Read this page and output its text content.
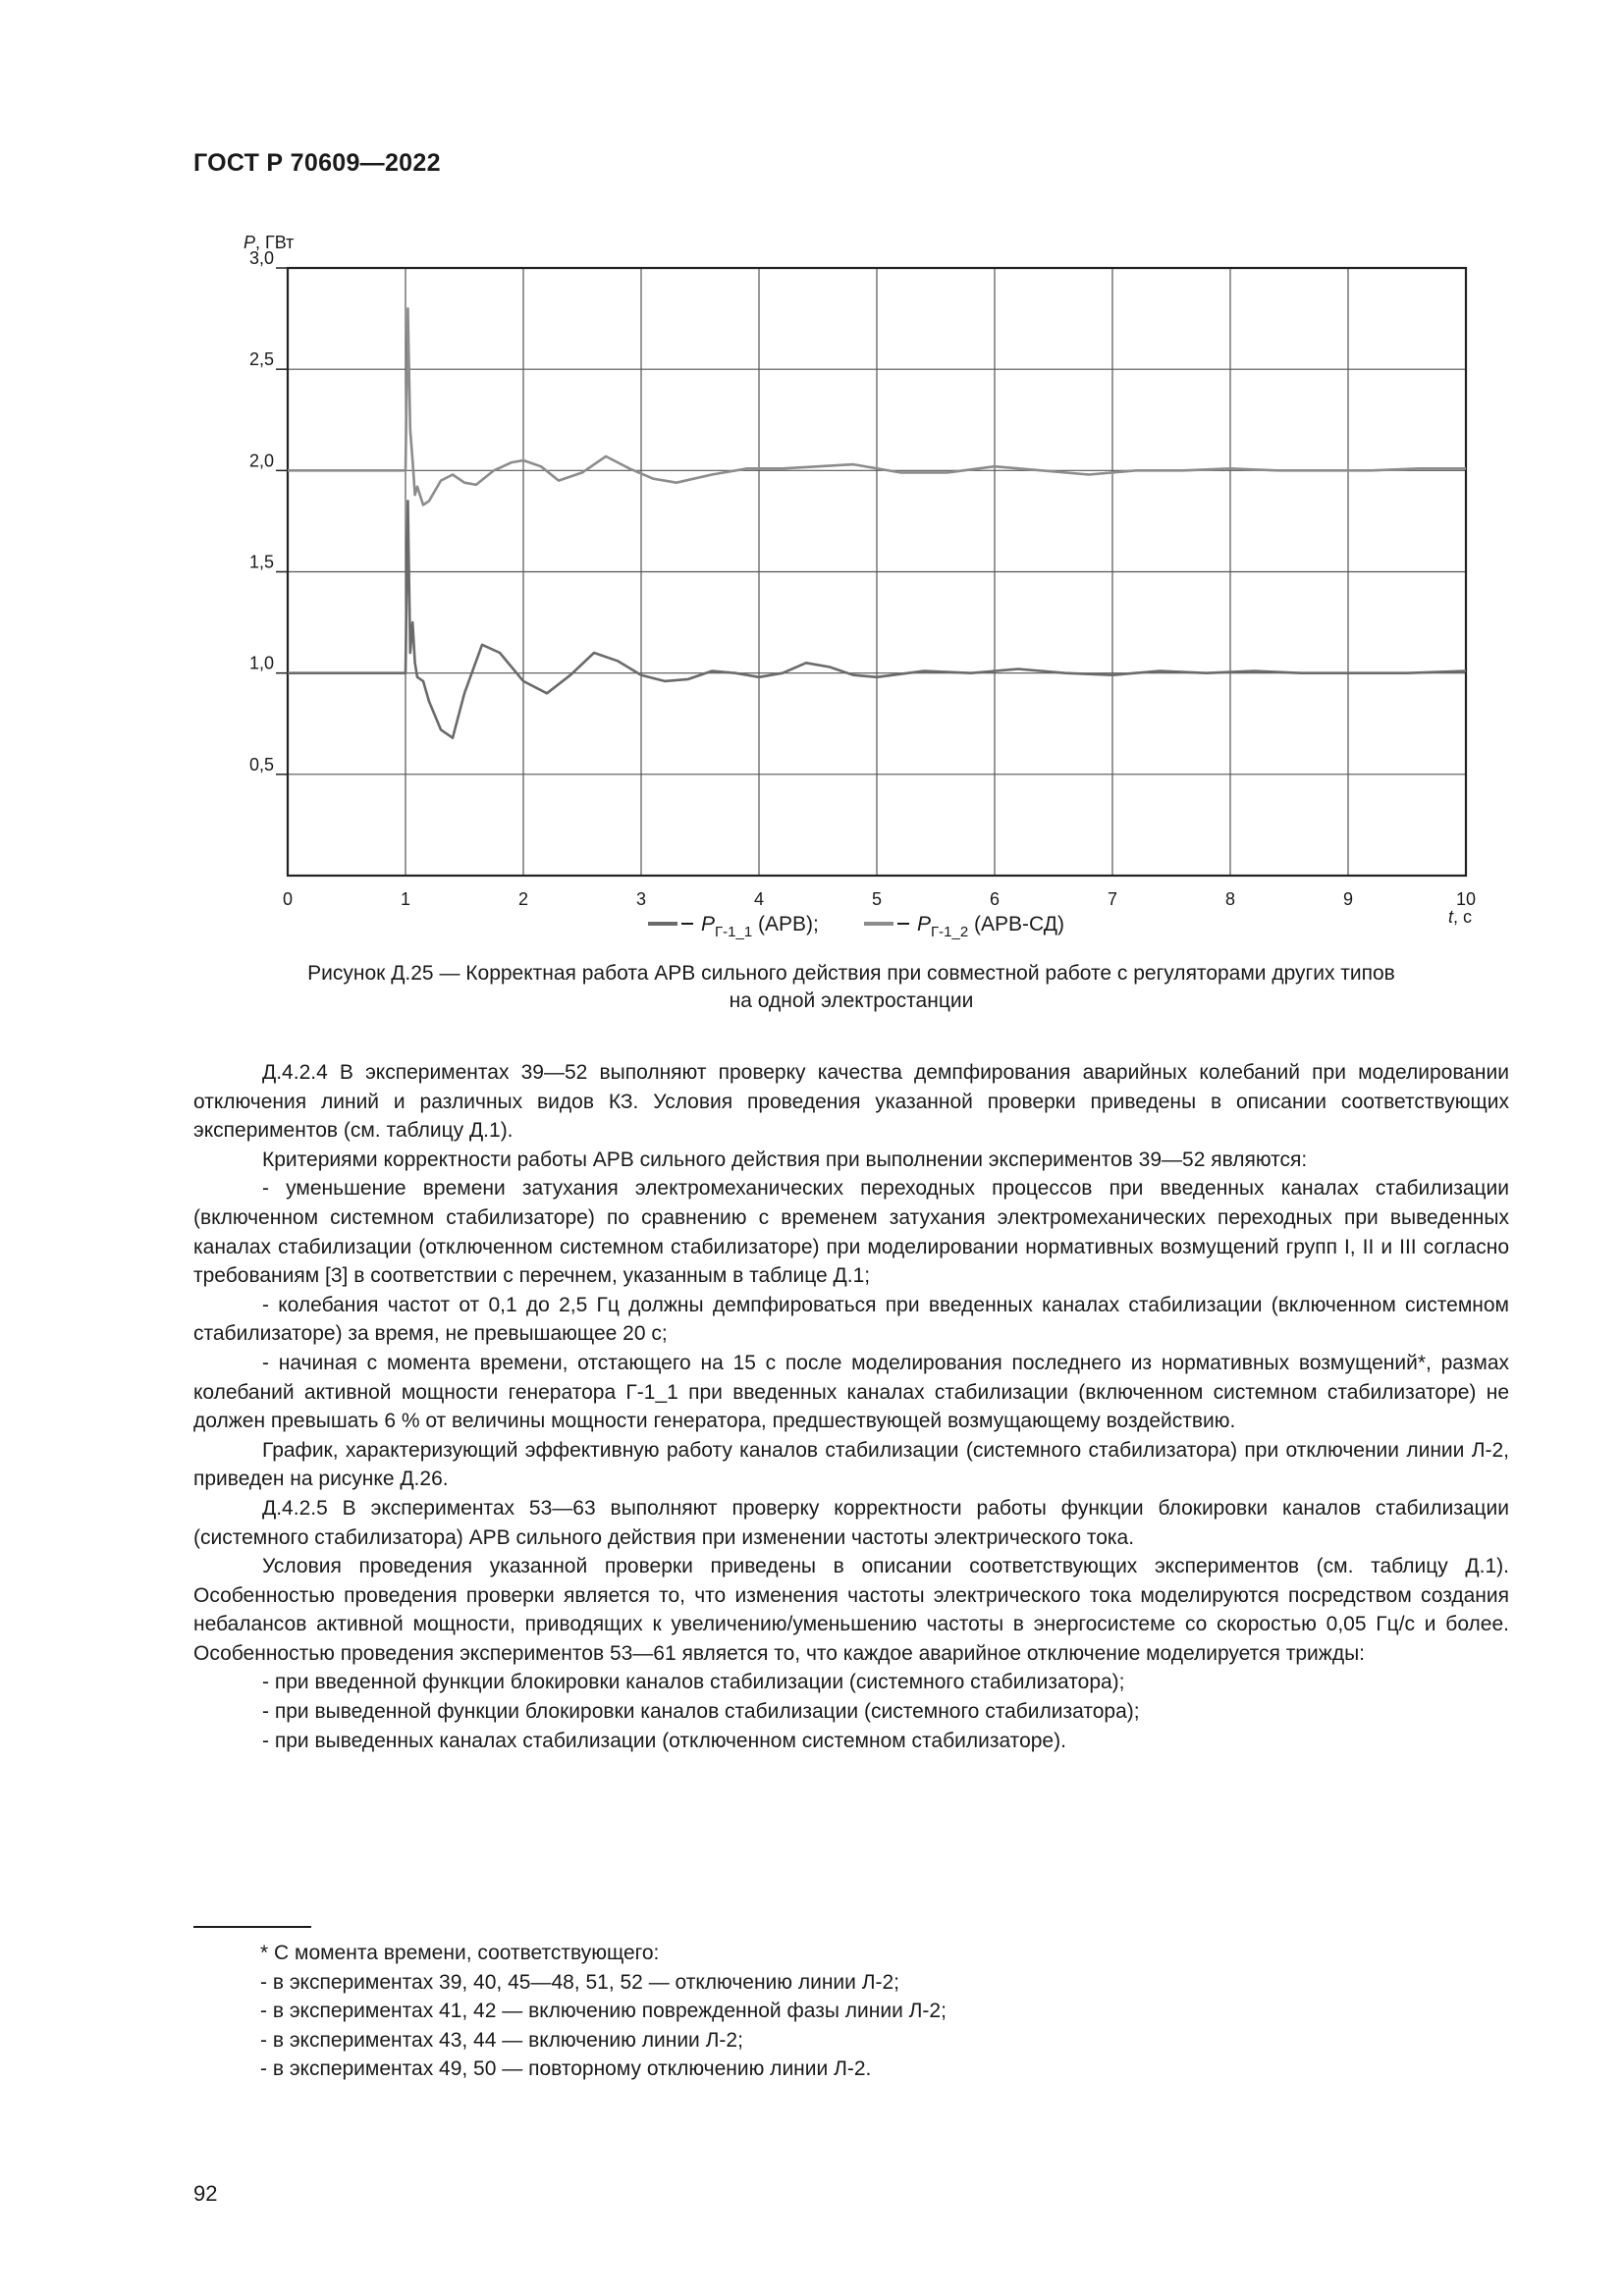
ГОСТ Р 70609—2022
0	1	2	3	4	5	6	7	8	9	10
0,5
1,0
1,5
2,0
2,5
3,0
P, ГВт
t, с
$P_{Г-1\_1}$ (АРВ);	$P_{Г-1\_2}$ (АРВ-СД)
Рисунок Д.25 — Корректная работа АРВ сильного действия при совместной работе с регуляторами других типов
на одной электростанции

Д.4.2.4 В экспериментах 39—52 выполняют проверку качества демпфирования аварийных колебаний при моделировании отключения линий и различных видов КЗ. Условия проведения указанной проверки приведены в описании соответствующих экспериментов (см. таблицу Д.1).

Критериями корректности работы АРВ сильного действия при выполнении экспериментов 39—52 являются:

- уменьшение времени затухания электромеханических переходных процессов при введенных каналах стабилизации (включенном системном стабилизаторе) по сравнению с временем затухания электромеханических переходных при выведенных каналах стабилизации (отключенном системном стабилизаторе) при моделировании нормативных возмущений групп I, II и III согласно требованиям [3] в соответствии с перечнем, указанным в таблице Д.1;

- колебания частот от 0,1 до 2,5 Гц должны демпфироваться при введенных каналах стабилизации (включенном системном стабилизаторе) за время, не превышающее 20 с;

- начиная с момента времени, отстающего на 15 с после моделирования последнего из нормативных возмущений*, размах колебаний активной мощности генератора Г-1_1 при введенных каналах стабилизации (включенном системном стабилизаторе) не должен превышать 6 % от величины мощности генератора, предшествующей возмущающему воздействию.

График, характеризующий эффективную работу каналов стабилизации (системного стабилизатора) при отключении линии Л-2, приведен на рисунке Д.26.

Д.4.2.5 В экспериментах 53—63 выполняют проверку корректности работы функции блокировки каналов стабилизации (системного стабилизатора) АРВ сильного действия при изменении частоты электрического тока.

Условия проведения указанной проверки приведены в описании соответствующих экспериментов (см. таблицу Д.1). Особенностью проведения проверки является то, что изменения частоты электрического тока моделируются посредством создания небалансов активной мощности, приводящих к увеличению/уменьшению частоты в энергосистеме со скоростью 0,05 Гц/с и более. Особенностью проведения экспериментов 53—61 является то, что каждое аварийное отключение моделируется трижды:

- при введенной функции блокировки каналов стабилизации (системного стабилизатора);

- при выведенной функции блокировки каналов стабилизации (системного стабилизатора);

- при выведенных каналах стабилизации (отключенном системном стабилизаторе).

* С момента времени, соответствующего:

- в экспериментах 39, 40, 45—48, 51, 52 — отключению линии Л-2;

- в экспериментах 41, 42 — включению поврежденной фазы линии Л-2;

- в экспериментах 43, 44 — включению линии Л-2;

- в экспериментах 49, 50 — повторному отключению линии Л-2.

92
